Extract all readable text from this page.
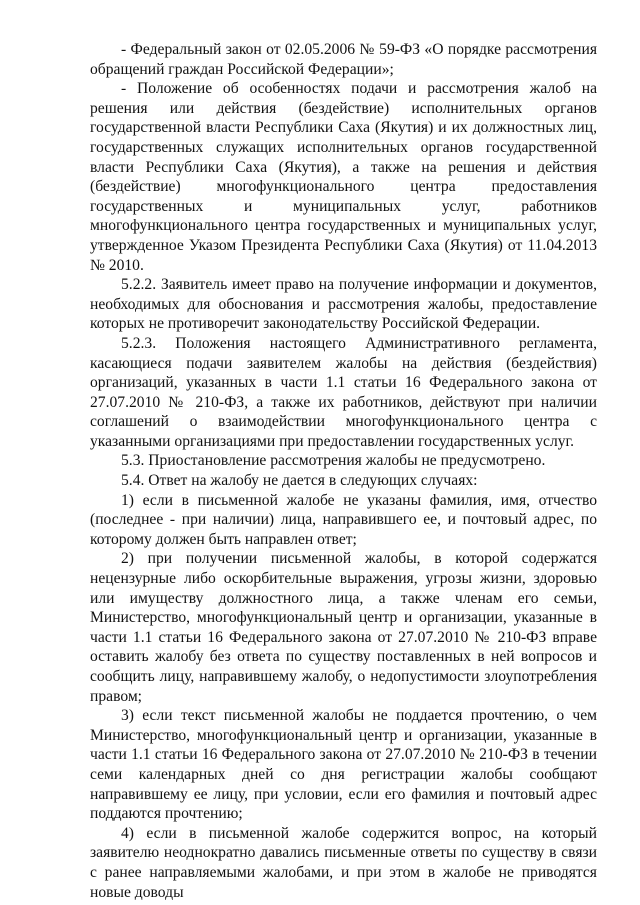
- Федеральный закон от 02.05.2006 № 59-ФЗ «О порядке рассмотрения обращений граждан Российской Федерации»;

- Положение об особенностях подачи и рассмотрения жалоб на решения или действия (бездействие) исполнительных органов государственной власти Республики Саха (Якутия) и их должностных лиц, государственных служащих исполнительных органов государственной власти Республики Саха (Якутия), а также на решения и действия (бездействие) многофункционального центра предоставления государственных и муниципальных услуг, работников многофункционального центра государственных и муниципальных услуг, утвержденное Указом Президента Республики Саха (Якутия) от 11.04.2013 № 2010.

5.2.2. Заявитель имеет право на получение информации и документов, необходимых для обоснования и рассмотрения жалобы, предоставление которых не противоречит законодательству Российской Федерации.

5.2.3. Положения настоящего Административного регламента, касающиеся подачи заявителем жалобы на действия (бездействия) организаций, указанных в части 1.1 статьи 16 Федерального закона от 27.07.2010 № 210-ФЗ, а также их работников, действуют при наличии соглашений о взаимодействии многофункционального центра с указанными организациями при предоставлении государственных услуг.

5.3. Приостановление рассмотрения жалобы не предусмотрено.

5.4. Ответ на жалобу не дается в следующих случаях:

1) если в письменной жалобе не указаны фамилия, имя, отчество (последнее - при наличии) лица, направившего ее, и почтовый адрес, по которому должен быть направлен ответ;

2) при получении письменной жалобы, в которой содержатся нецензурные либо оскорбительные выражения, угрозы жизни, здоровью или имуществу должностного лица, а также членам его семьи, Министерство, многофункциональный центр и организации, указанные в части 1.1 статьи 16 Федерального закона от 27.07.2010 № 210-ФЗ вправе оставить жалобу без ответа по существу поставленных в ней вопросов и сообщить лицу, направившему жалобу, о недопустимости злоупотребления правом;

3) если текст письменной жалобы не поддается прочтению, о чем Министерство, многофункциональный центр и организации, указанные в части 1.1 статьи 16 Федерального закона от 27.07.2010 № 210-ФЗ в течении семи календарных дней со дня регистрации жалобы сообщают направившему ее лицу, при условии, если его фамилия и почтовый адрес поддаются прочтению;

4) если в письменной жалобе содержится вопрос, на который заявителю неоднократно давались письменные ответы по существу в связи с ранее направляемыми жалобами, и при этом в жалобе не приводятся новые доводы
